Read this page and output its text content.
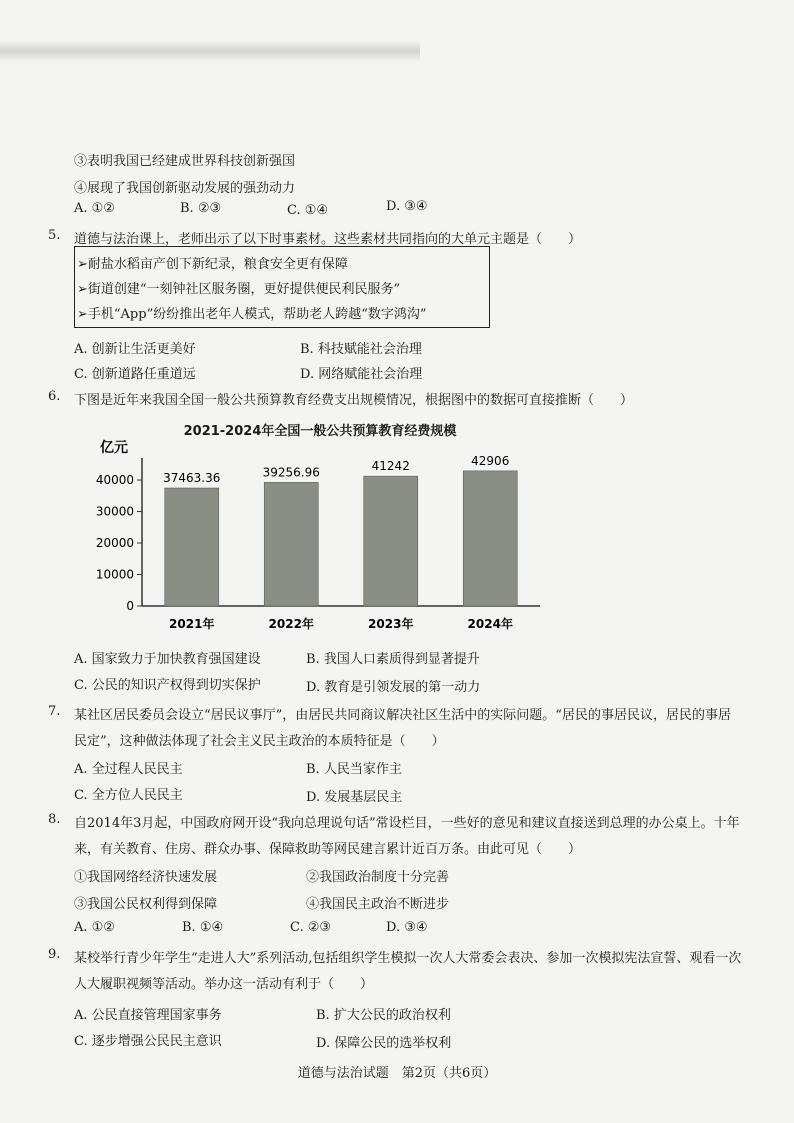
③表明我国已经建成世界科技创新强国
④展现了我国创新驱动发展的强劲动力
A. ①②	B. ②③	C. ①④	D. ③④
5. 道德与法治课上，老师出示了以下时事素材。这些素材共同指向的大单元主题是（　　）
➢耐盐水稻亩产创下新纪录，粮食安全更有保障
➢街道创建“一刻钟社区服务圈，更好提供便民利民服务”
➢手机“App”纷纷推出老年人模式，帮助老人跨越“数字鸿沟”
A. 创新让生活更美好	B. 科技赋能社会治理
C. 创新道路任重道远	D. 网络赋能社会治理
6. 下图是近年来我国全国一般公共预算教育经费支出规模情况，根据图中的数据可直接推断（　　）
2021-2024年全国一般公共预算教育经费规模
亿元
0
10000
20000
30000
40000 37463.36
2021年
39256.96
2022年
41242
2023年
42906
2024年
A. 国家致力于加快教育强国建设	B. 我国人口素质得到显著提升
C. 公民的知识产权得到切实保护	D. 教育是引领发展的第一动力
7. 某社区居民委员会设立“居民议事厅”，由居民共同商议解决社区生活中的实际问题。“居民的事居民议，居民的事居
民定”，这种做法体现了社会主义民主政治的本质特征是（　　）
A. 全过程人民民主	B. 人民当家作主
C. 全方位人民民主	D. 发展基层民主
8. 自2014年3月起，中国政府网开设“我向总理说句话”常设栏目，一些好的意见和建议直接送到总理的办公桌上。十年
来，有关教育、住房、群众办事、保障救助等网民建言累计近百万条。由此可见（　　）
①我国网络经济快速发展	②我国政治制度十分完善
③我国公民权利得到保障	④我国民主政治不断进步
A. ①②	B. ①④	C. ②③	D. ③④
9. 某校举行青少年学生“走进人大”系列活动,包括组织学生模拟一次人大常委会表决、参加一次模拟宪法宣誓、观看一次
人大履职视频等活动。举办这一活动有利于（　　）
A. 公民直接管理国家事务	B. 扩大公民的政治权利
C. 逐步增强公民民主意识	D. 保障公民的选举权利
道德与法治试题　第2页（共6页）
